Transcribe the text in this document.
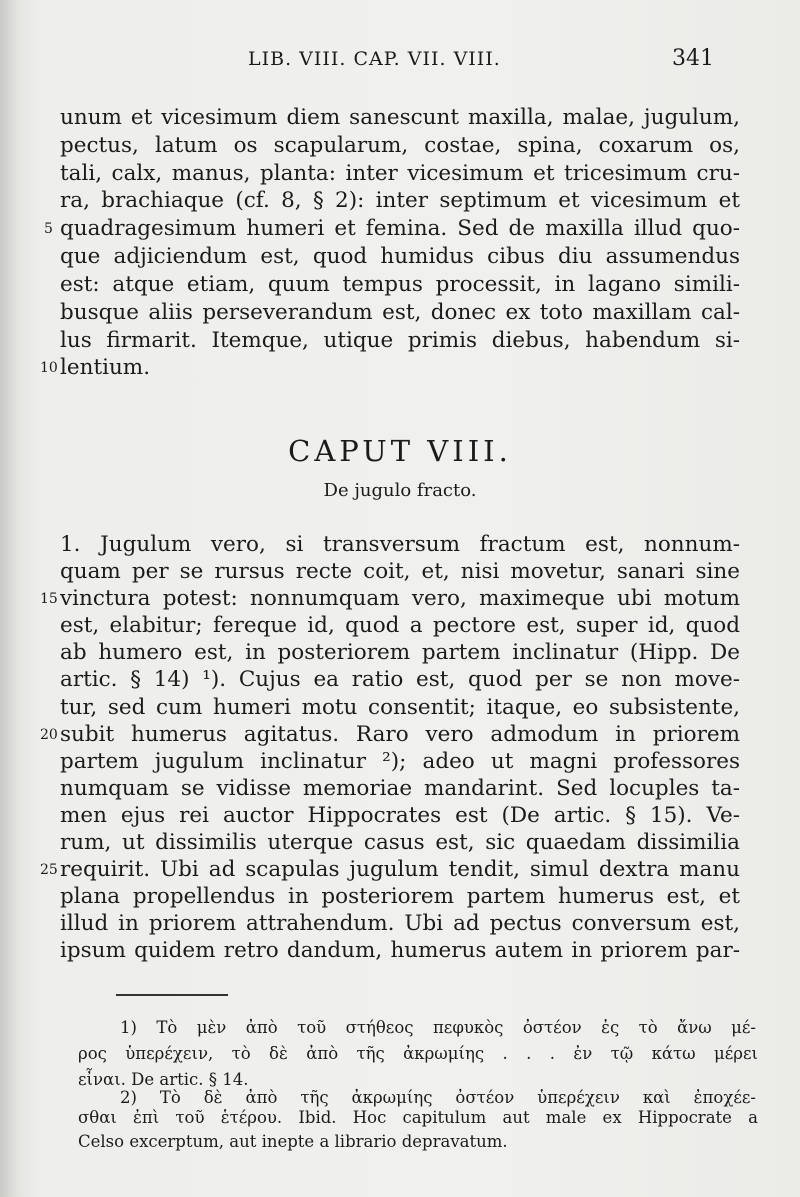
LIB. VIII. CAP. VII. VIII.	341
unum et vicesimum diem sanescunt maxilla, malae, jugulum,
pectus, latum os scapularum, costae, spina, coxarum os,
tali, calx, manus, planta: inter vicesimum et tricesimum cru-
ra, brachiaque (cf. 8, § 2): inter septimum et vicesimum et
quadragesimum humeri et femina. Sed de maxilla illud quo-
que adjiciendum est, quod humidus cibus diu assumendus
est: atque etiam, quum tempus processit, in lagano simili-
busque aliis perseverandum est, donec ex toto maxillam cal-
lus firmarit. Itemque, utique primis diebus, habendum si-
lentium.
CAPUT VIII.
De jugulo fracto.
1. Jugulum vero, si transversum fractum est, nonnum-
quam per se rursus recte coit, et, nisi movetur, sanari sine
vinctura potest: nonnumquam vero, maximeque ubi motum
est, elabitur; fereque id, quod a pectore est, super id, quod
ab humero est, in posteriorem partem inclinatur (Hipp. De
artic. § 14) ¹). Cujus ea ratio est, quod per se non move-
tur, sed cum humeri motu consentit; itaque, eo subsistente,
subit humerus agitatus. Raro vero admodum in priorem
partem jugulum inclinatur ²); adeo ut magni professores
numquam se vidisse memoriae mandarint. Sed locuples ta-
men ejus rei auctor Hippocrates est (De artic. § 15). Ve-
rum, ut dissimilis uterque casus est, sic quaedam dissimilia
requirit. Ubi ad scapulas jugulum tendit, simul dextra manu
plana propellendus in posteriorem partem humerus est, et
illud in priorem attrahendum. Ubi ad pectus conversum est,
ipsum quidem retro dandum, humerus autem in priorem par-
5
10
15
20
25
1) Τὸ μὲν ἀπὸ τοῦ στήθεος πεφυκὸς ὀστέον ἐς τὸ ἄνω μέ-
ρος ὑπερέχειν, τὸ δὲ ἀπὸ τῆς ἀκρωμίης . . . ἐν τῷ κάτω μέρει
εἶναι. De artic. § 14.
2) Τὸ δὲ ἀπὸ τῆς ἀκρωμίης ὀστέον ὑπερέχειν καὶ ἐποχέε-
σθαι ἐπὶ τοῦ ἑτέρου. Ibid. Hoc capitulum aut male ex Hippocrate a
Celso excerptum, aut inepte a librario depravatum.
